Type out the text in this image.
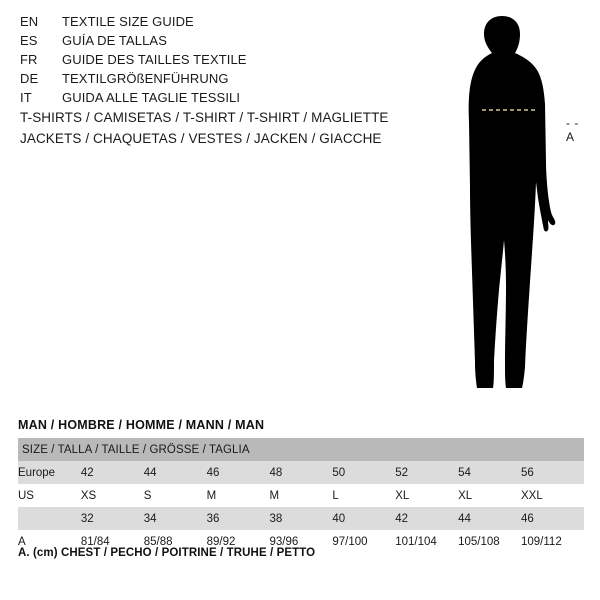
EN	TEXTILE SIZE GUIDE
ES	GUÍA DE TALLAS
FR	GUIDE DES TAILLES TEXTILE
DE	TEXTILGRÖßENFÜHRUNG
IT	GUIDA ALLE TAGLIE TESSILI
T-SHIRTS / CAMISETAS / T-SHIRT / T-SHIRT / MAGLIETTE
JACKETS / CHAQUETAS / VESTES / JACKEN / GIACCHE
- - A
MAN / HOMBRE / HOMME / MANN / MAN
SIZE / TALLA / TAILLE / GRÖSSE / TAGLIA								
Europe	42	44	46	48	50	52	54	56
US	XS	S	M	M	L	XL	XL	XXL
	32	34	36	38	40	42	44	46
A	81/84	85/88	89/92	93/96	97/100	101/104	105/108	109/112
A. (cm) CHEST / PECHO / POITRINE / TRUHE / PETTO
